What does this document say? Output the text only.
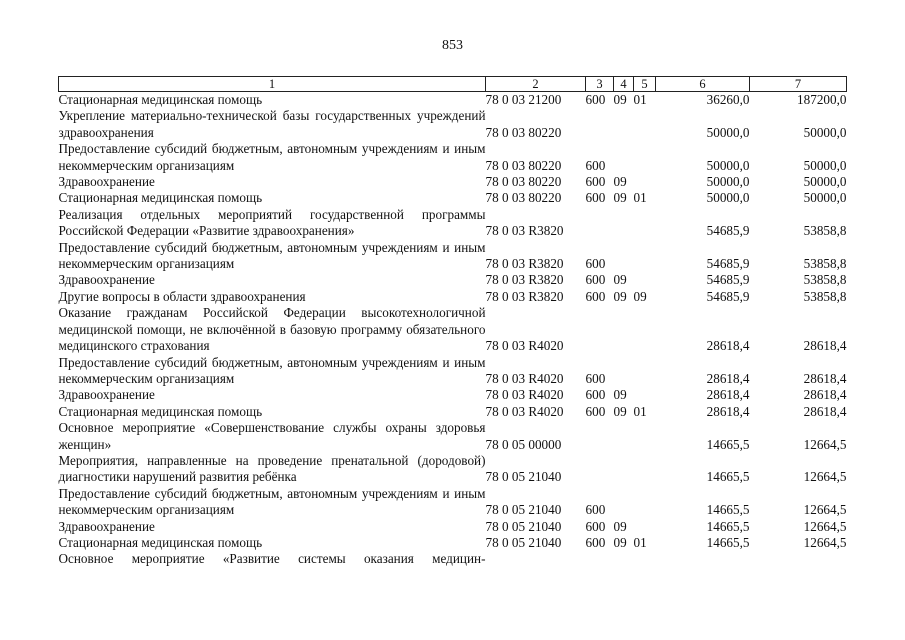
853
1	2	3	4	5	6	7
Стационарная медицинская помощь	78 0 03 21200	600	09	01	36260,0	187200,0
Укрепление материально-технической базы государственных учреждений здравоохранения	78 0 03 80220				50000,0	50000,0
Предоставление субсидий бюджетным, автономным учреждениям и иным некоммерческим организациям	78 0 03 80220	600			50000,0	50000,0
Здравоохранение	78 0 03 80220	600	09		50000,0	50000,0
Стационарная медицинская помощь	78 0 03 80220	600	09	01	50000,0	50000,0
Реализация отдельных мероприятий государственной программы Российской Федерации «Развитие здравоохранения»	78 0 03 R3820				54685,9	53858,8
Предоставление субсидий бюджетным, автономным учреждениям и иным некоммерческим организациям	78 0 03 R3820	600			54685,9	53858,8
Здравоохранение	78 0 03 R3820	600	09		54685,9	53858,8
Другие вопросы в области здравоохранения	78 0 03 R3820	600	09	09	54685,9	53858,8
Оказание гражданам Российской Федерации высокотехнологичной медицинской помощи, не включённой в базовую программу обязательного медицинского страхования	78 0 03 R4020				28618,4	28618,4
Предоставление субсидий бюджетным, автономным учреждениям и иным некоммерческим организациям	78 0 03 R4020	600			28618,4	28618,4
Здравоохранение	78 0 03 R4020	600	09		28618,4	28618,4
Стационарная медицинская помощь	78 0 03 R4020	600	09	01	28618,4	28618,4
Основное мероприятие «Совершенствование службы охраны здоровья женщин»	78 0 05 00000				14665,5	12664,5
Мероприятия, направленные на проведение пренатальной (дородовой) диагностики нарушений развития ребёнка	78 0 05 21040				14665,5	12664,5
Предоставление субсидий бюджетным, автономным учреждениям и иным некоммерческим организациям	78 0 05 21040	600			14665,5	12664,5
Здравоохранение	78 0 05 21040	600	09		14665,5	12664,5
Стационарная медицинская помощь	78 0 05 21040	600	09	01	14665,5	12664,5
Основное мероприятие «Развитие системы оказания медицин-						
